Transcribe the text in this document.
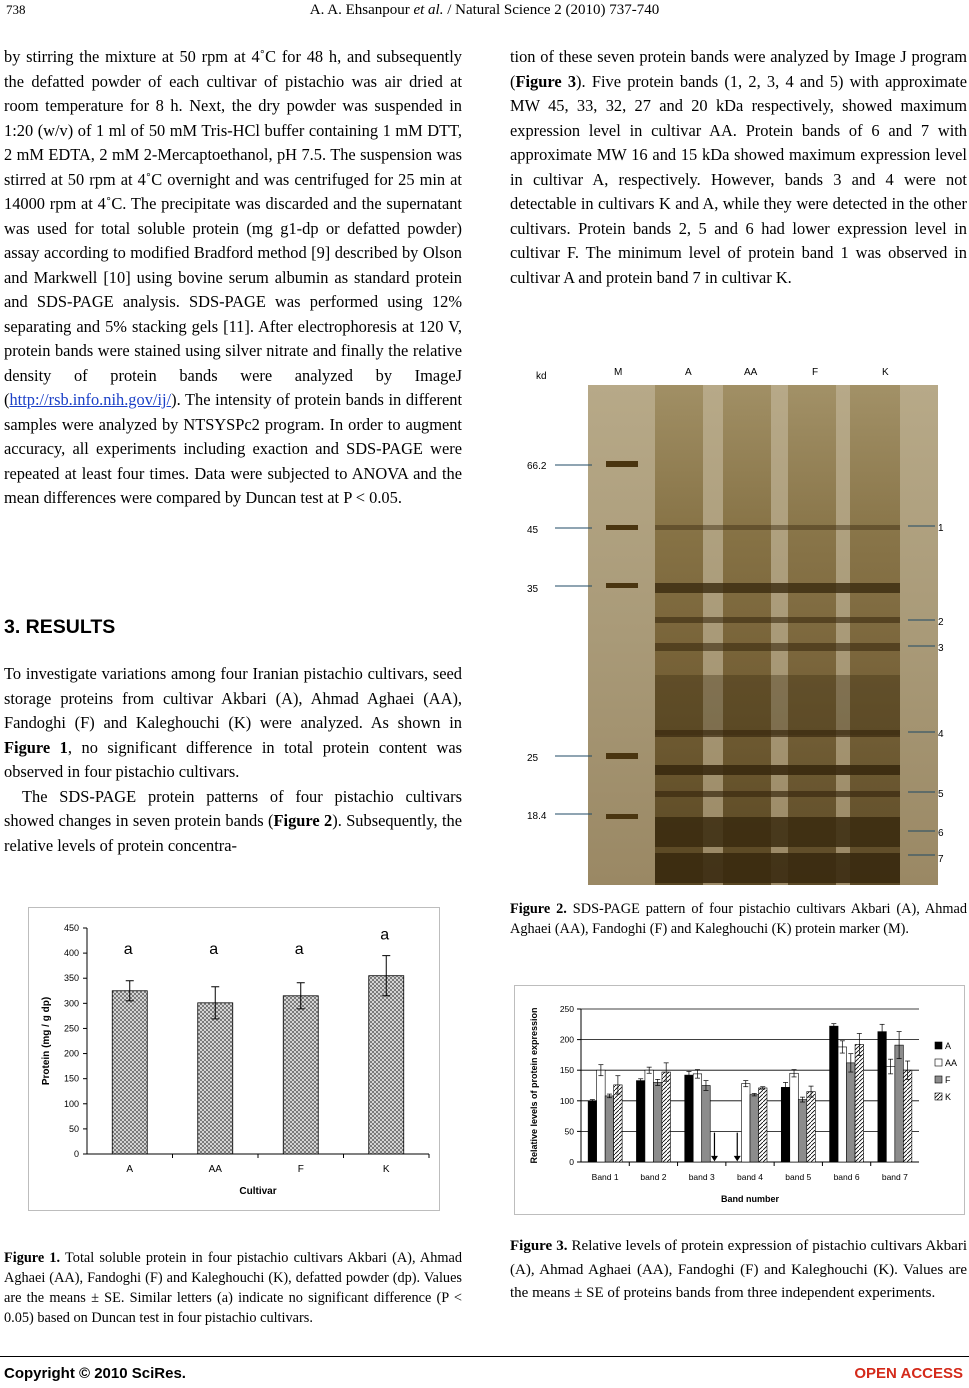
738	A. A. Ehsanpour et al. / Natural Science 2 (2010) 737-740

by stirring the mixture at 50 rpm at 4˚C for 48 h, and subsequently the defatted powder of each cultivar of pistachio was air dried at room temperature for 8 h. Next, the dry powder was suspended in 1:20 (w/v) of 1 ml of 50 mM Tris-HCl buffer containing 1 mM DTT, 2 mM EDTA, 2 mM 2-Mercaptoethanol, pH 7.5. The suspension was stirred at 50 rpm at 4˚C overnight and was centrifuged for 25 min at 14000 rpm at 4˚C. The precipitate was discarded and the supernatant was used for total soluble protein (mg g1-dp or defatted powder) assay according to modified Bradford method [9] described by Olson and Markwell [10] using bovine serum albumin as standard protein and SDS-PAGE analysis. SDS-PAGE was performed using 12% separating and 5% stacking gels [11]. After electrophoresis at 120 V, protein bands were stained using silver nitrate and finally the relative density of protein bands were analyzed by ImageJ (http://rsb.info.nih.gov/ij/). The intensity of protein bands in different samples were analyzed by NTSYSPc2 program. In order to augment accuracy, all experiments including exaction and SDS-PAGE were repeated at least four times. Data were subjected to ANOVA and the mean differences were compared by Duncan test at P < 0.05.

3. RESULTS

To investigate variations among four Iranian pistachio cultivars, seed storage proteins from cultivar Akbari (A), Ahmad Aghaei (AA), Fandoghi (F) and Kaleghouchi (K) were analyzed. As shown in Figure 1, no significant difference in total protein content was observed in four pistachio cultivars.

The SDS-PAGE protein patterns of four pistachio cultivars showed changes in seven protein bands (Figure 2). Subsequently, the relative levels of protein concentra-

tion of these seven protein bands were analyzed by Image J program (Figure 3). Five protein bands (1, 2, 3, 4 and 5) with approximate MW 45, 33, 32, 27 and 20 kDa respectively, showed maximum expression level in cultivar AA. Protein bands of 6 and 7 with approximate MW 16 and 15 kDa showed maximum expression level in cultivar A, respectively. However, bands 3 and 4 were not detectable in cultivars K and A, while they were detected in the other cultivars. Protein bands 2, 5 and 6 had lower expression level in cultivar F. The minimum level of protein band 1 was observed in cultivar A and protein band 7 in cultivar K.

kd	M	A	AA	F	K
66.2
45
35
25
18.4
1
2
3
4
5
6
7
Figure 2. SDS-PAGE pattern of four pistachio cultivars Akbari (A), Ahmad Aghaei (AA), Fandoghi (F) and Kaleghouchi (K) protein marker (M).
0
50
100
150
200
250
300
350
400
450
A
a
AA
a
F
a
K
a
Cultivar
Protein (mg / g dp)
Figure 1. Total soluble protein in four pistachio cultivars Akbari (A), Ahmad Aghaei (AA), Fandoghi (F) and Kaleghouchi (K), defatted powder (dp). Values are the means ± SE. Similar letters (a) indicate no significant difference (P < 0.05) based on Duncan test in four pistachio cultivars.
0
50
100
150
200
250
Band 1	band 2	band 3	band 4	band 5	band 6	band 7
Band number
Relative levels of protein expression	A
AA
F
K
Figure 3. Relative levels of protein expression of pistachio cultivars Akbari (A), Ahmad Aghaei (AA), Fandoghi (F) and Kaleghouchi (K). Values are the means ± SE of proteins bands from three independent experiments.
Copyright © 2010 SciRes.	OPEN ACCESS
